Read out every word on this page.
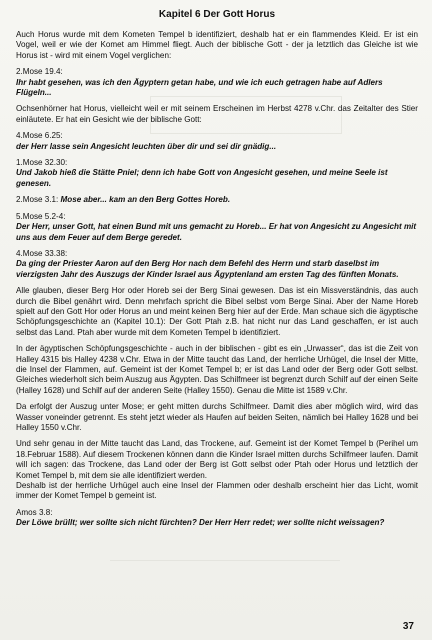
Kapitel 6 Der Gott Horus

Auch Horus wurde mit dem Kometen Tempel b identifiziert, deshalb hat er ein flammendes Kleid. Er ist ein Vogel, weil er wie der Komet am Himmel fliegt. Auch der biblische Gott - der ja letztlich das Gleiche ist wie Horus ist - wird mit einem Vogel verglichen:

2.Mose 19.4:

Ihr habt gesehen, was ich den Ägyptern getan habe, und wie ich euch getragen habe auf Adlers Flügeln...

Ochsenhörner hat Horus, vielleicht weil er mit seinem Erscheinen im Herbst 4278 v.Chr. das Zeitalter des Stier einläutete. Er hat ein Gesicht wie der biblische Gott:

4.Mose 6.25:

der Herr lasse sein Angesicht leuchten über dir und sei dir gnädig...

1.Mose 32.30:

Und Jakob hieß die Stätte Pniel; denn ich habe Gott von Angesicht gesehen, und meine Seele ist genesen.

2.Mose 3.1: Mose aber... kam an den Berg Gottes Horeb.

5.Mose 5.2-4:

Der Herr, unser Gott, hat einen Bund mit uns gemacht zu Horeb... Er hat von Angesicht zu Angesicht mit uns aus dem Feuer auf dem Berge geredet.

4.Mose 33.38:

Da ging der Priester Aaron auf den Berg Hor nach dem Befehl des Herrn und starb daselbst im vierzigsten Jahr des Auszugs der Kinder Israel aus Ägyptenland am ersten Tag des fünften Monats.

Alle glauben, dieser Berg Hor oder Horeb sei der Berg Sinai gewesen. Das ist ein Missverständnis, das auch durch die Bibel genährt wird. Denn mehrfach spricht die Bibel selbst vom Berge Sinai. Aber der Name Horeb spielt auf den Gott Hor oder Horus an und meint keinen Berg hier auf der Erde. Man schaue sich die ägyptische Schöpfungsgeschichte an (Kapitel 10.1): Der Gott Ptah z.B. hat nicht nur das Land geschaffen, er ist auch selbst das Land. Ptah aber wurde mit dem Kometen Tempel b identifiziert.

In der ägyptischen Schöpfungsgeschichte - auch in der biblischen - gibt es ein „Urwasser“, das ist die Zeit von Halley 4315 bis Halley 4238 v.Chr. Etwa in der Mitte taucht das Land, der herrliche Urhügel, die Insel der Mitte, die Insel der Flammen, auf. Gemeint ist der Komet Tempel b; er ist das Land oder der Berg oder Gott selbst. Gleiches wiederholt sich beim Auszug aus Ägypten. Das Schilfmeer ist begrenzt durch Schilf auf der einen Seite (Halley 1628) und Schilf auf der anderen Seite (Halley 1550). Genau die Mitte ist 1589 v.Chr.

Da erfolgt der Auszug unter Mose; er geht mitten durchs Schilfmeer. Damit dies aber möglich wird, wird das Wasser voneinder getrennt. Es steht jetzt wieder als Haufen auf beiden Seiten, nämlich bei Halley 1628 und bei Halley 1550 v.Chr.

Und sehr genau in der Mitte taucht das Land, das Trockene, auf. Gemeint ist der Komet Tempel b (Perihel um 18.Februar 1588). Auf diesem Trockenen können dann die Kinder Israel mitten durchs Schilfmeer laufen. Damit will ich sagen: das Trockene, das Land oder der Berg ist Gott selbst oder Ptah oder Horus und letztlich der Komet Tempel b, mit dem sie alle identifiziert werden.

Deshalb ist der herrliche Urhügel auch eine Insel der Flammen oder deshalb erscheint hier das Licht, womit immer der Komet Tempel b gemeint ist.

Amos 3.8:

Der Löwe brüllt; wer sollte sich nicht fürchten? Der Herr Herr redet; wer sollte nicht weissagen?

37
